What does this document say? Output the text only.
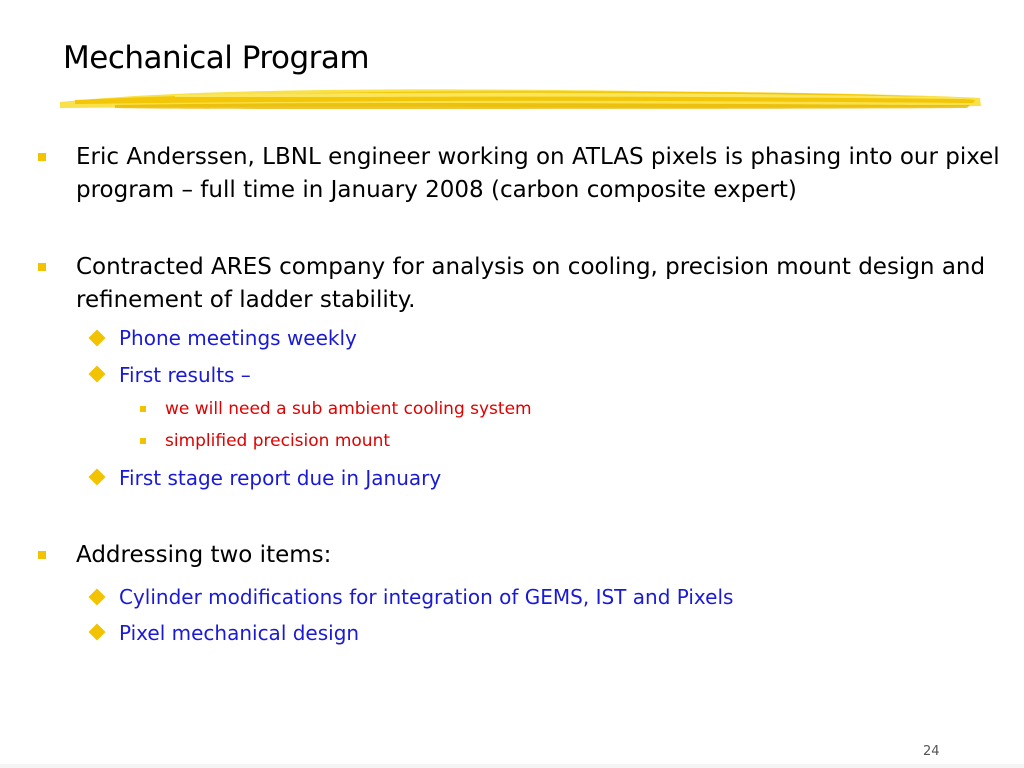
Mechanical Program
Eric Anderssen, LBNL engineer working on ATLAS pixels is phasing into our pixel program – full time in January 2008 (carbon composite expert)
Contracted ARES company for analysis on cooling, precision mount design and refinement of ladder stability.
Phone meetings weekly
First results –
we will need a sub ambient cooling system
simplified precision mount
First stage report due in January
Addressing two items:
Cylinder modifications for integration of GEMS, IST and Pixels
Pixel mechanical design
24
